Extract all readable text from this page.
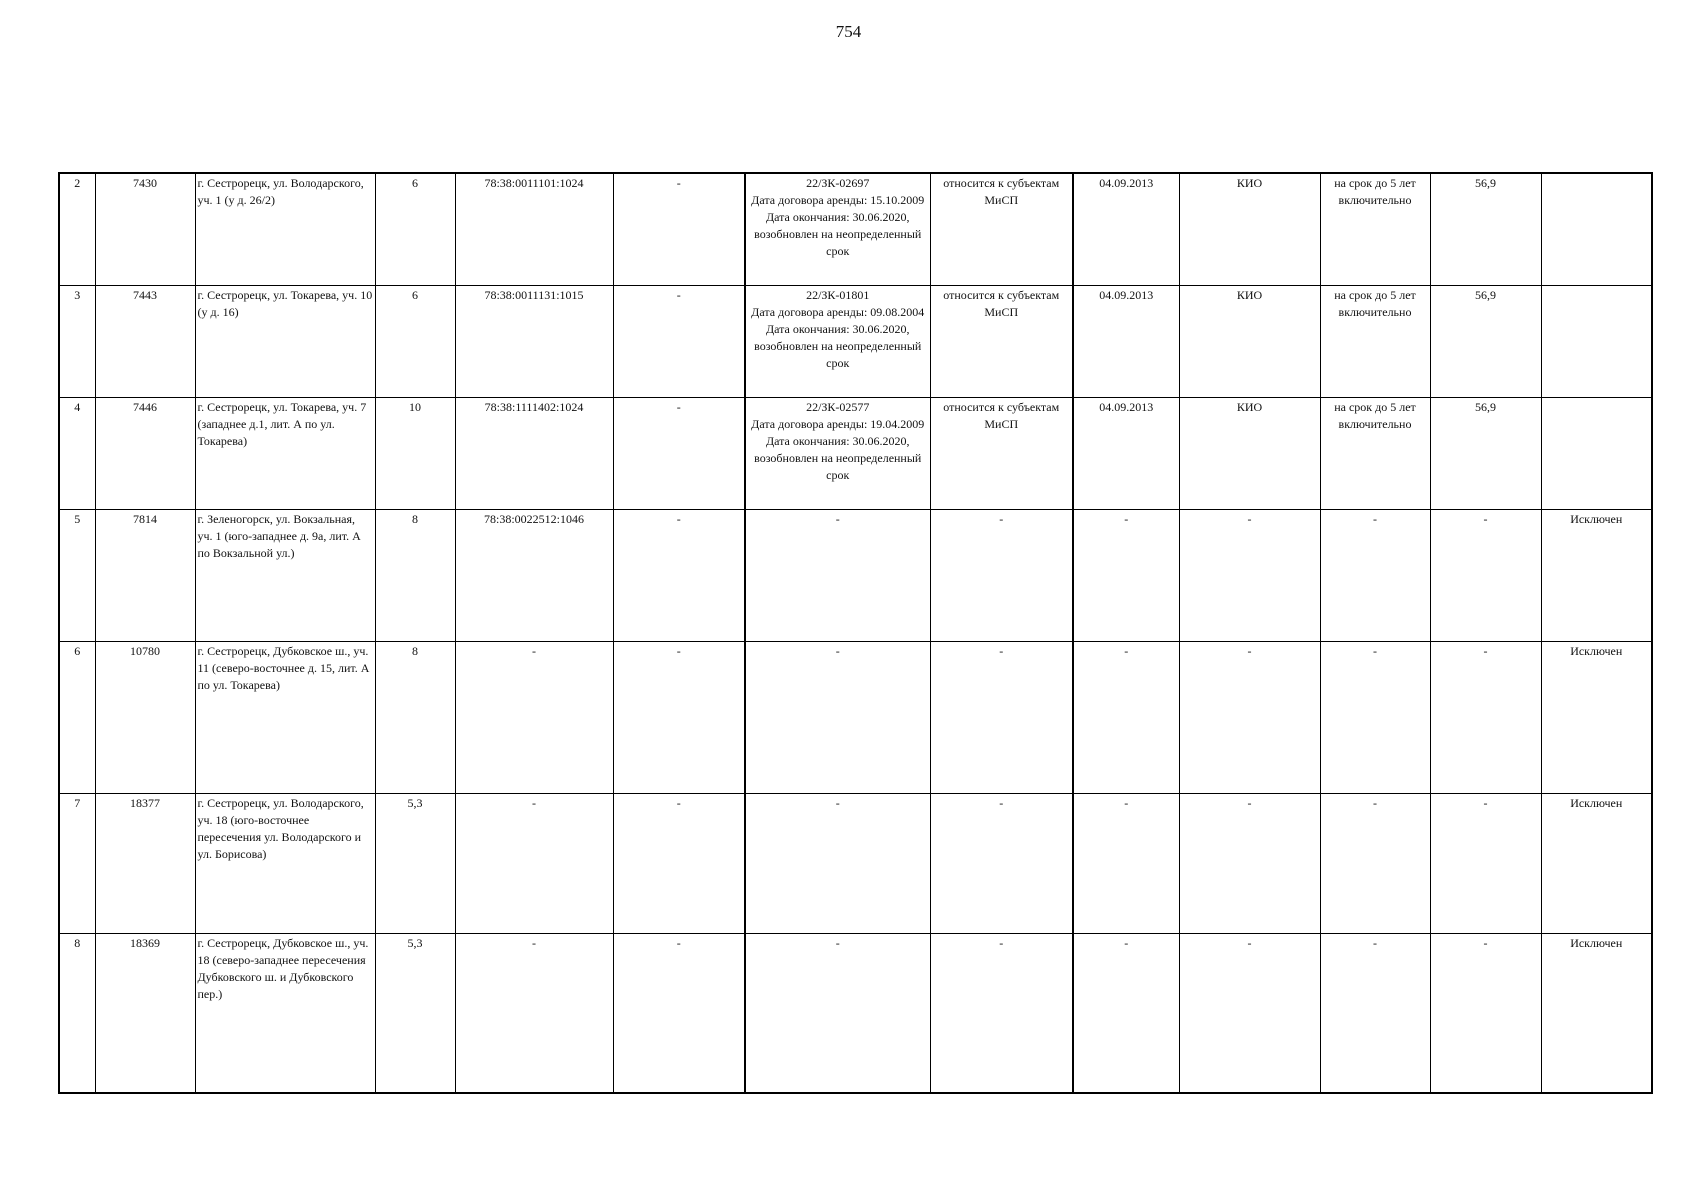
754
2	7430	г. Сестрорецк, ул. Володарского, уч. 1 (у д. 26/2)	6	78:38:0011101:1024	-	22/ЗК-02697
Дата договора аренды: 15.10.2009
Дата окончания: 30.06.2020, возобновлен на неопределенный срок	относится к субъектам МиСП	04.09.2013	КИО	на срок до 5 лет включительно	56,9	
3	7443	г. Сестрорецк, ул. Токарева, уч. 10 (у д. 16)	6	78:38:0011131:1015	-	22/ЗК-01801
Дата договора аренды: 09.08.2004
Дата окончания: 30.06.2020, возобновлен на неопределенный срок	относится к субъектам МиСП	04.09.2013	КИО	на срок до 5 лет включительно	56,9	
4	7446	г. Сестрорецк, ул. Токарева, уч. 7 (западнее д.1, лит. А по ул. Токарева)	10	78:38:1111402:1024	-	22/ЗК-02577
Дата договора аренды: 19.04.2009
Дата окончания: 30.06.2020, возобновлен на неопределенный срок	относится к субъектам МиСП	04.09.2013	КИО	на срок до 5 лет включительно	56,9	
5	7814	г. Зеленогорск, ул. Вокзальная, уч. 1 (юго-западнее д. 9а, лит. А по Вокзальной ул.)	8	78:38:0022512:1046	-	-	-	-	-	-	-	Исключен
6	10780	г. Сестрорецк, Дубковское ш., уч. 11 (северо-восточнее д. 15, лит. А по ул. Токарева)	8	-	-	-	-	-	-	-	-	Исключен
7	18377	г. Сестрорецк, ул. Володарского, уч. 18 (юго-восточнее пересечения ул. Володарского и ул. Борисова)	5,3	-	-	-	-	-	-	-	-	Исключен
8	18369	г. Сестрорецк, Дубковское ш., уч. 18 (северо-западнее пересечения Дубковского ш. и Дубковского пер.)	5,3	-	-	-	-	-	-	-	-	Исключен
